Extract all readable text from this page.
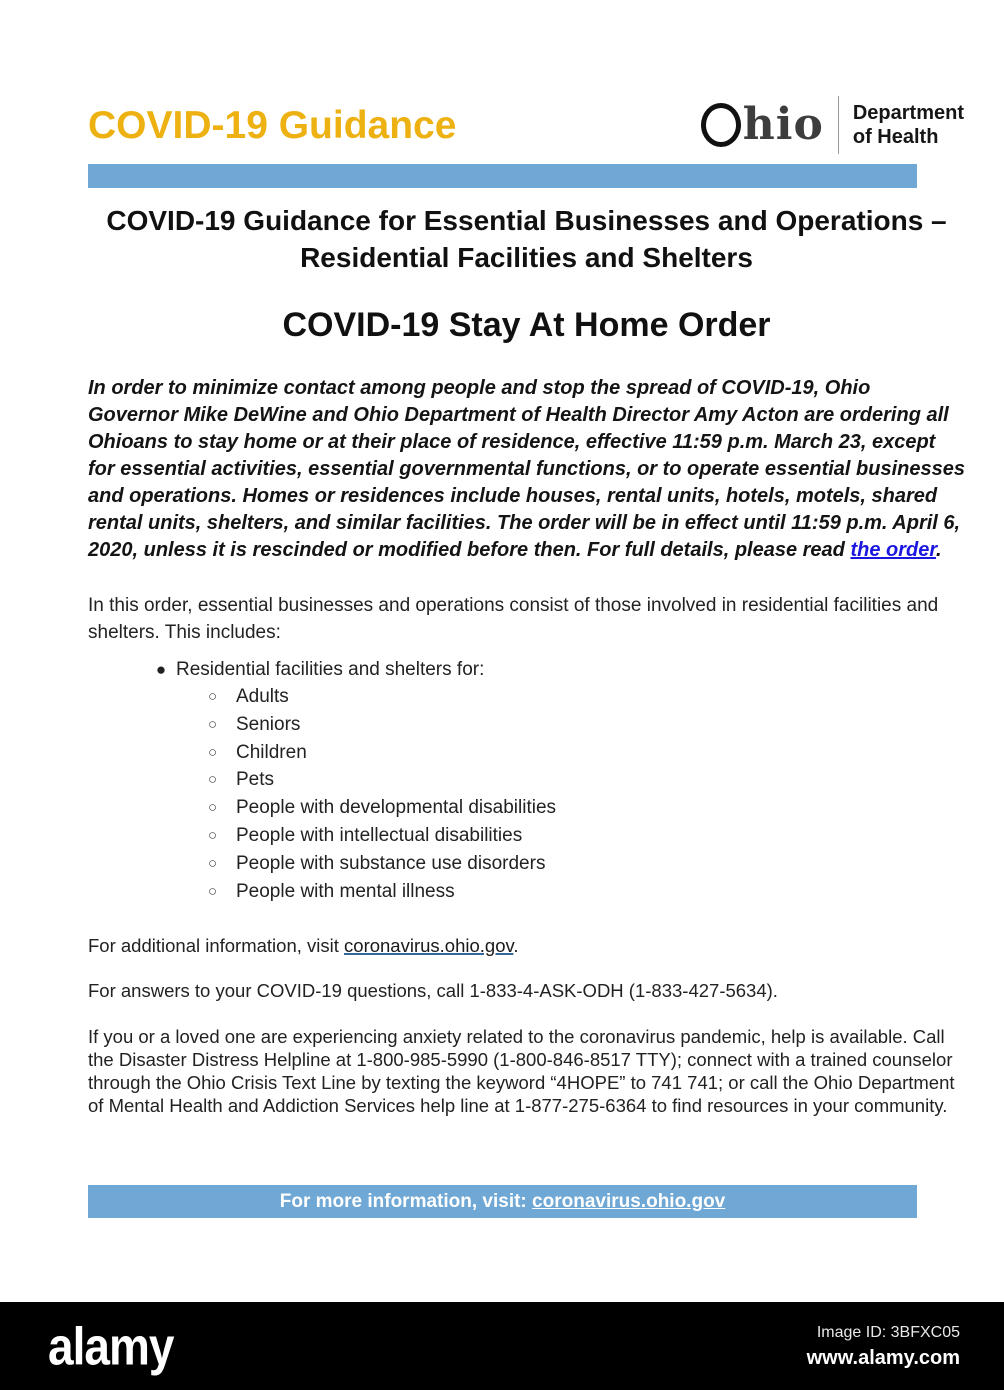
COVID-19 Guidance	hio Department
of Health
COVID-19 Guidance for Essential Businesses and Operations –
Residential Facilities and Shelters
COVID-19 Stay At Home Order

In order to minimize contact among people and stop the spread of COVID-19, Ohio Governor Mike DeWine and Ohio Department of Health Director Amy Acton are ordering all Ohioans to stay home or at their place of residence, effective 11:59 p.m. March 23, except for essential activities, essential governmental functions, or to operate essential businesses and operations. Homes or residences include houses, rental units, hotels, motels, shared rental units, shelters, and similar facilities. The order will be in effect until 11:59 p.m. April 6, 2020, unless it is rescinded or modified before then. For full details, please read the order.

In this order, essential businesses and operations consist of those involved in residential facilities and shelters. This includes:

● Residential facilities and shelters for:
○ Adults
○ Seniors
○ Children
○ Pets
○ People with developmental disabilities
○ People with intellectual disabilities
○ People with substance use disorders
○ People with mental illness

For additional information, visit coronavirus.ohio.gov.

For answers to your COVID-19 questions, call 1-833-4-ASK-ODH (1-833-427-5634).

If you or a loved one are experiencing anxiety related to the coronavirus pandemic, help is available. Call the Disaster Distress Helpline at 1-800-985-5990 (1-800-846-8517 TTY); connect with a trained counselor through the Ohio Crisis Text Line by texting the keyword “4HOPE” to 741 741; or call the Ohio Department of Mental Health and Addiction Services help line at 1-877-275-6364 to find resources in your community.

For more information, visit: coronavirus.ohio.gov
alamy	Image ID: 3BFXC05
www.alamy.com
